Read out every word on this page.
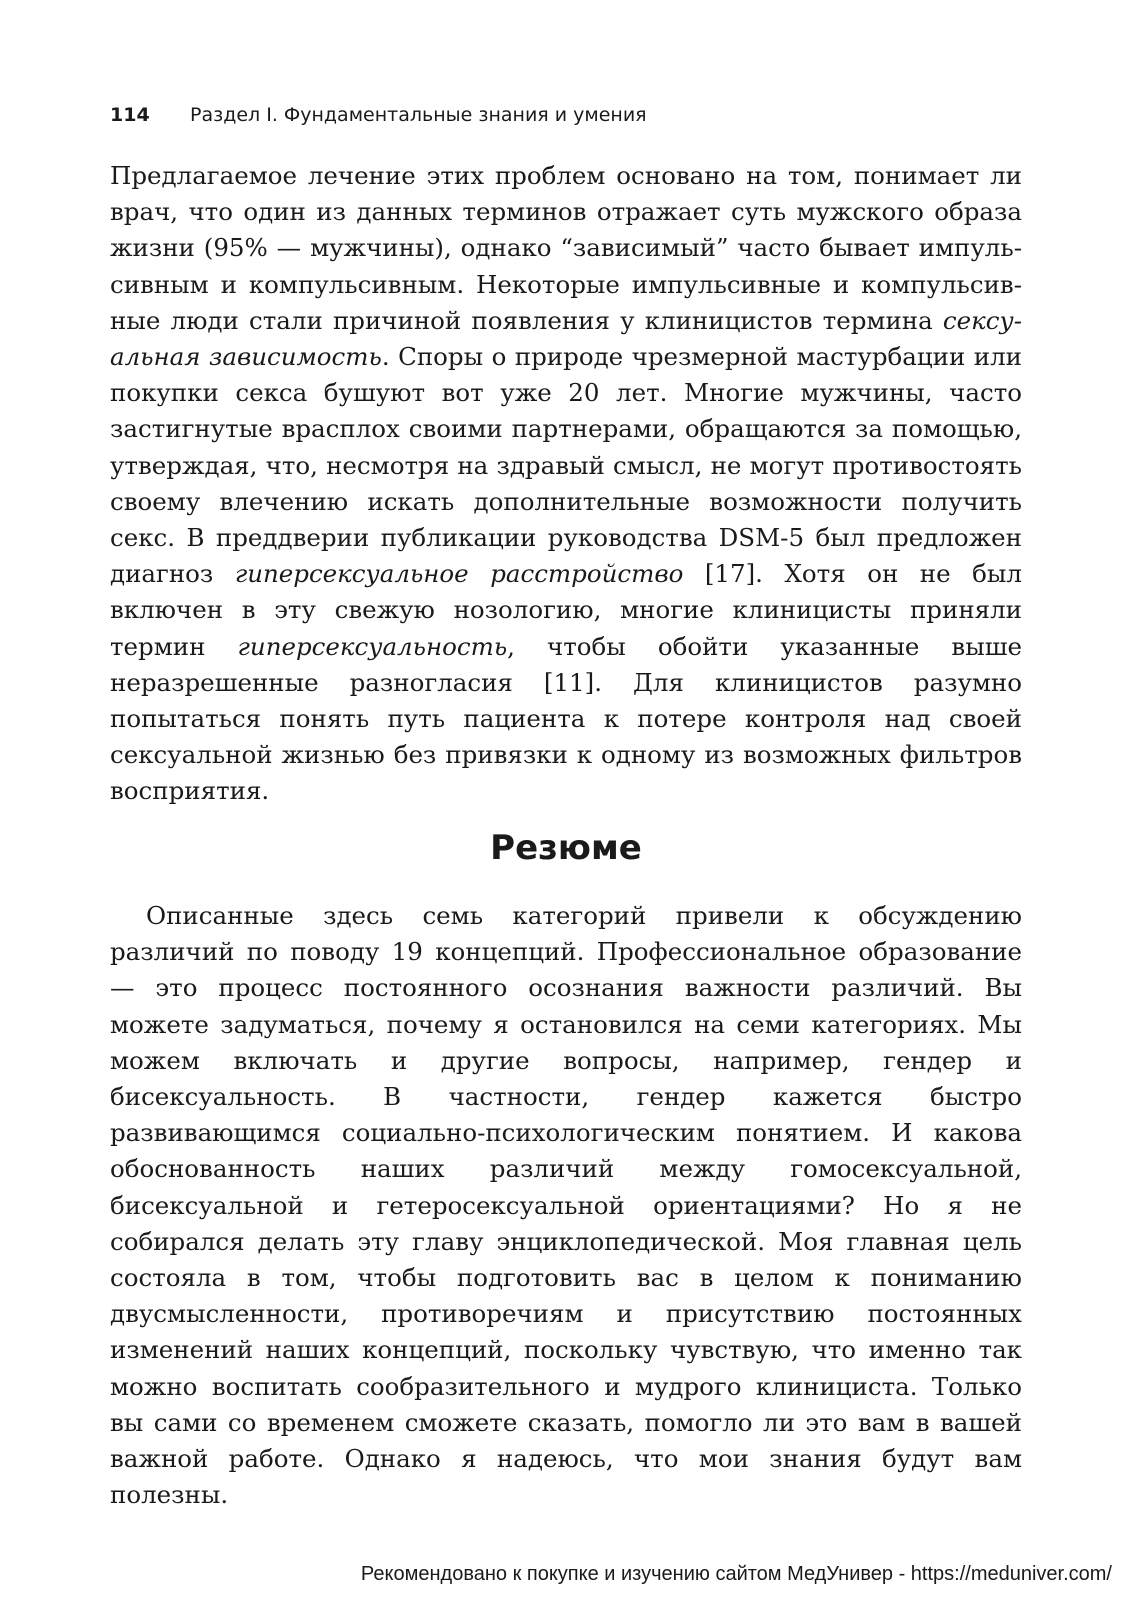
114 Раздел I. Фундаментальные знания и умения

Предлагаемое лечение этих проблем основано на том, понимает ли врач, что один из данных терминов отражает суть мужского образа жизни (95% — мужчины), однако “зависимый” часто бывает импульсивным и компульсивным. Некоторые импульсивные и компульсивные люди стали причиной появления у клиницистов термина сексуальная зависимость. Споры о природе чрезмерной мастурбации или покупки секса бушуют вот уже 20 лет. Многие мужчины, часто застигнутые врасплох своими партнерами, обращаются за помощью, утверждая, что, несмотря на здравый смысл, не могут противостоять своему влечению искать дополнительные возможности получить секс. В преддверии публикации руководства DSM-5 был предложен диагноз гиперсексуальное расстройство [17]. Хотя он не был включен в эту свежую нозологию, многие клиницисты приняли термин гиперсексуальность, чтобы обойти указанные выше неразрешенные разногласия [11]. Для клиницистов разумно попытаться понять путь пациента к потере контроля над своей сексуальной жизнью без привязки к одному из возможных фильтров восприятия.

Резюме

Описанные здесь семь категорий привели к обсуждению различий по поводу 19 концепций. Профессиональное образование — это процесс постоянного осознания важности различий. Вы можете задуматься, почему я остановился на семи категориях. Мы можем включать и другие вопросы, например, гендер и бисексуальность. В частности, гендер кажется быстро развивающимся социально-психологическим понятием. И какова обоснованность наших различий между гомосексуальной, бисексуальной и гетеросексуальной ориентациями? Но я не собирался делать эту главу энциклопедической. Моя главная цель состояла в том, чтобы подготовить вас в целом к пониманию двусмысленности, противоречиям и присутствию постоянных изменений наших концепций, поскольку чувствую, что именно так можно воспитать сообразительного и мудрого клинициста. Только вы сами со временем сможете сказать, помогло ли это вам в вашей важной работе. Однако я надеюсь, что мои знания будут вам полезны.

Рекомендовано к покупке и изучению сайтом МедУнивер - https://meduniver.com/
